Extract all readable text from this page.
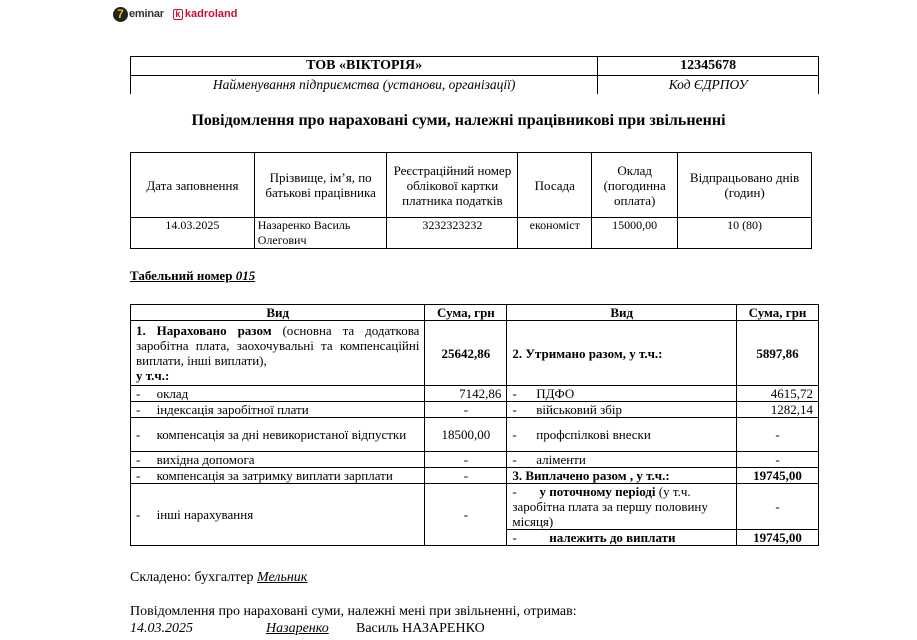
7 eminar k kadroland
ТОВ «ВІКТОРІЯ»	12345678
Найменування підприємства (установи, організації)	Код ЄДРПОУ
Повідомлення про нараховані суми, належні працівникові при звільненні
Дата заповнення	Прізвище, ім’я, по батькові працівника	Реєстраційний номер облікової картки платника податків	Посада	Оклад (погодинна оплата)	Відпрацьовано днів (годин)
14.03.2025	Назаренко Василь Олегович	3232323232	економіст	15000,00	10 (80)
Табельний номер 015
Вид	Сума, грн	Вид	Сума, грн
1. Нараховано разом (основна та додаткова заробітна плата, заохочувальні та компенсаційні виплати, інші виплати),
у т.ч.:	25642,86	2. Утримано разом, у т.ч.:	5897,86
-     оклад	7142,86	-      ПДФО	4615,72
-     індексація заробітної плати	-	-      військовий збір	1282,14
-     компенсація за дні невикористаної відпустки	18500,00	-      профспілкові внески	-
-     вихідна допомога	-	-      аліменти	-
-     компенсація за затримку виплати зарплати	-	3. Виплачено разом , у т.ч.:	19745,00
-     інші нарахування	-	-       у поточному періоді (у т.ч. заробітна плата за першу половину місяця)	-
		-          належить до виплати	19745,00
Складено: бухгалтер Мельник
Повідомлення про нараховані суми, належні мені при звільненні, отримав:
14.03.2025	Назаренко Василь НАЗАРЕНКО
